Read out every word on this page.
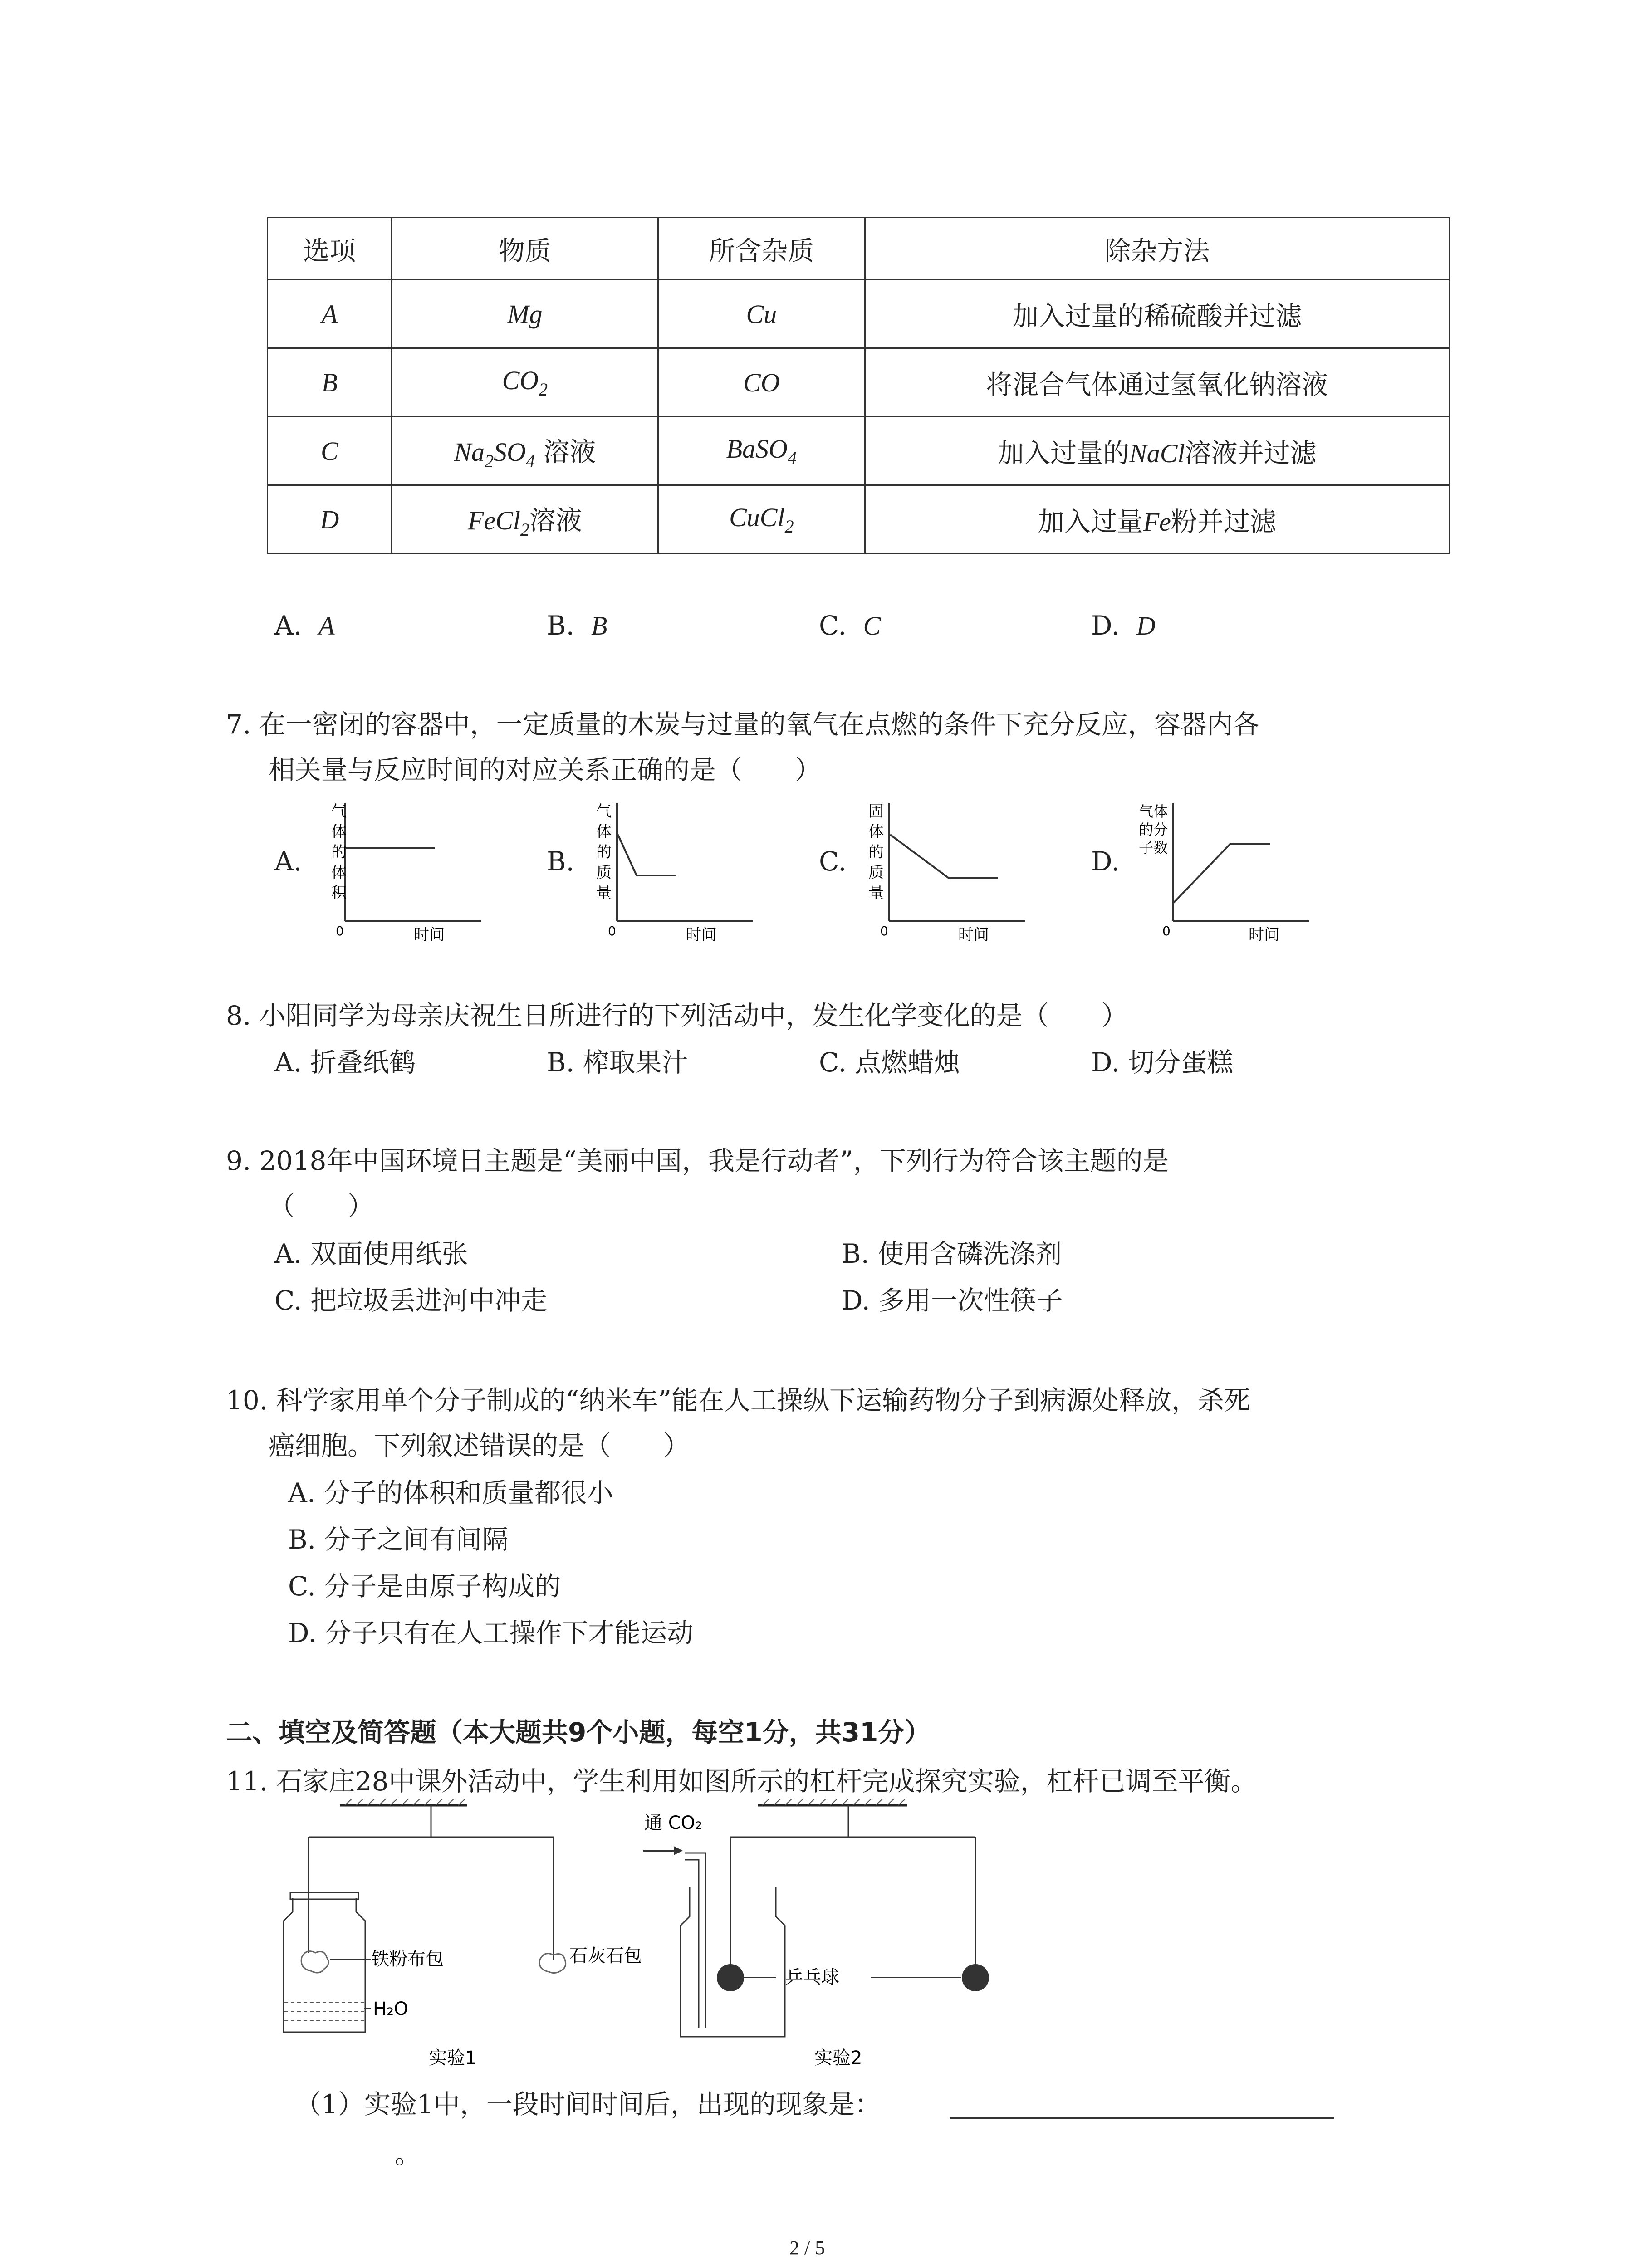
选项	物质	所含杂质	除杂方法
A	Mg	Cu	加入过量的稀硫酸并过滤
B	$CO_2$	CO	将混合气体通过氢氧化钠溶液
C	$Na_2SO_4$ 溶液	BaSO$_4$	加入过量的NaCl溶液并过滤
D	FeCl$_2$溶液	CuCl$_2$	加入过量Fe粉并过滤
A. A	B. B	C. C	D. D
7. 在一密闭的容器中，一定质量的木炭与过量的氧气在点燃的条件下充分反应，容器内各
相关量与反应时间的对应关系正确的是（　　）
A.
气
体
的
体
积
0	时间
B.
气
体
的
质
量
0	时间
C.
固
体
的
质
量
0	时间
D.
气体
的分
子数
0	时间
8. 小阳同学为母亲庆祝生日所进行的下列活动中，发生化学变化的是（　　）
A. 折叠纸鹤	B. 榨取果汁	C. 点燃蜡烛	D. 切分蛋糕
9. 2018年中国环境日主题是“美丽中国，我是行动者”，下列行为符合该主题的是
（　　）
A. 双面使用纸张	B. 使用含磷洗涤剂
C. 把垃圾丢进河中冲走	D. 多用一次性筷子
10. 科学家用单个分子制成的“纳米车”能在人工操纵下运输药物分子到病源处释放，杀死
癌细胞。下列叙述错误的是（　　）
A. 分子的体积和质量都很小
B. 分子之间有间隔
C. 分子是由原子构成的
D. 分子只有在人工操作下才能运动
二、填空及简答题（本大题共9个小题，每空1分，共31分）
11. 石家庄28中课外活动中，学生利用如图所示的杠杆完成探究实验，杠杆已调至平衡。
铁粉布包
H₂O
石灰石包
实验1
通 CO₂
乒乓球
实验2
（1）实验1中，一段时间时间后，出现的现象是：
。
2 / 5
